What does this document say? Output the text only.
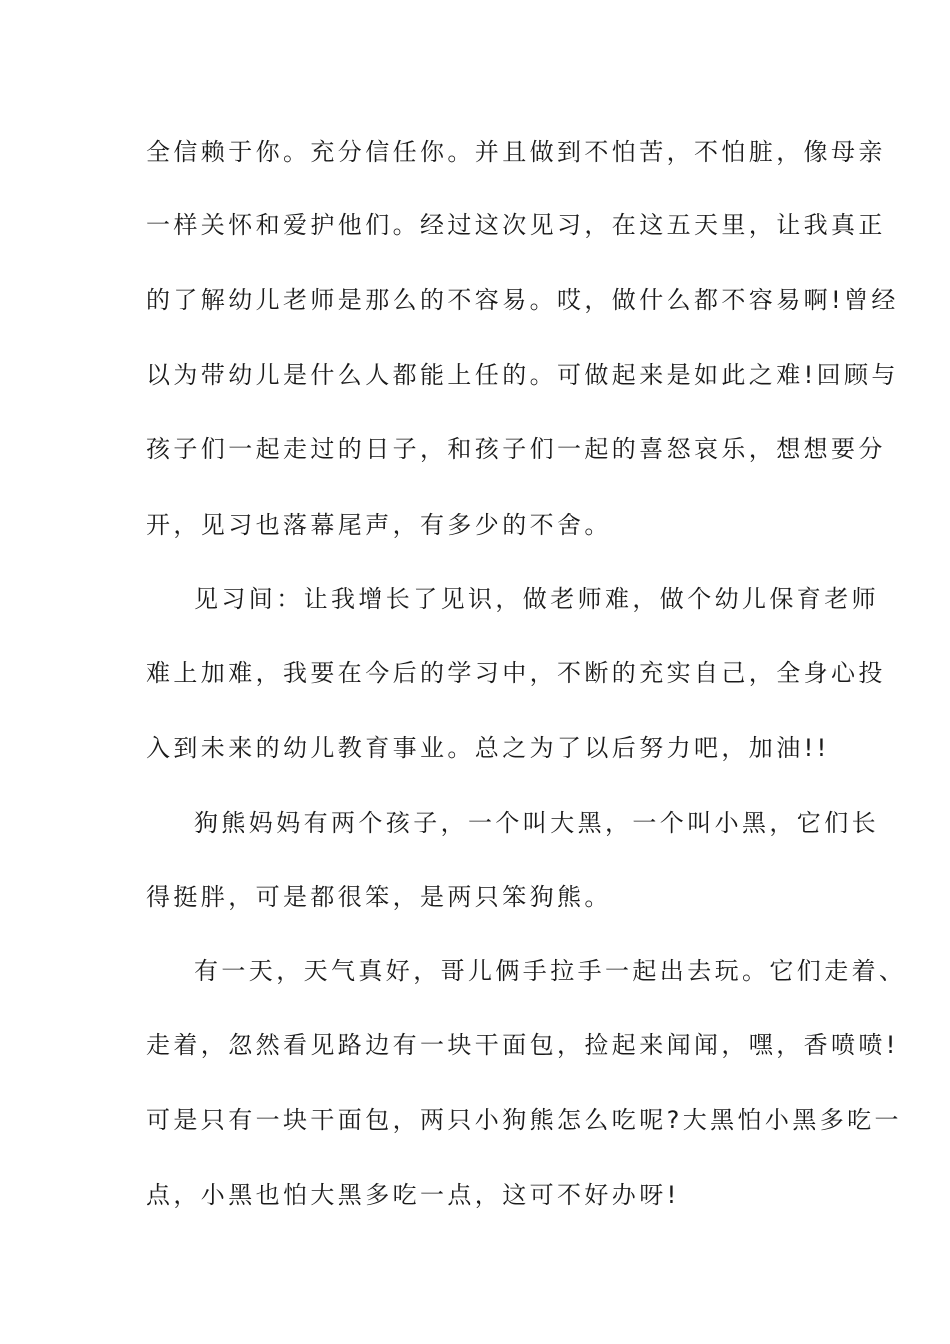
全信赖于你。充分信任你。并且做到不怕苦，不怕脏，像母亲
一样关怀和爱护他们。经过这次见习，在这五天里，让我真正
的了解幼儿老师是那么的不容易。哎，做什么都不容易啊!曾经
以为带幼儿是什么人都能上任的。可做起来是如此之难!回顾与
孩子们一起走过的日子，和孩子们一起的喜怒哀乐，想想要分
开，见习也落幕尾声，有多少的不舍。
见习间：让我增长了见识，做老师难，做个幼儿保育老师
难上加难，我要在今后的学习中，不断的充实自己，全身心投
入到未来的幼儿教育事业。总之为了以后努力吧，加油!!
狗熊妈妈有两个孩子，一个叫大黑，一个叫小黑，它们长
得挺胖，可是都很笨，是两只笨狗熊。
有一天，天气真好，哥儿俩手拉手一起出去玩。它们走着、
走着，忽然看见路边有一块干面包，捡起来闻闻，嘿，香喷喷!
可是只有一块干面包，两只小狗熊怎么吃呢?大黑怕小黑多吃一
点，小黑也怕大黑多吃一点，这可不好办呀!
